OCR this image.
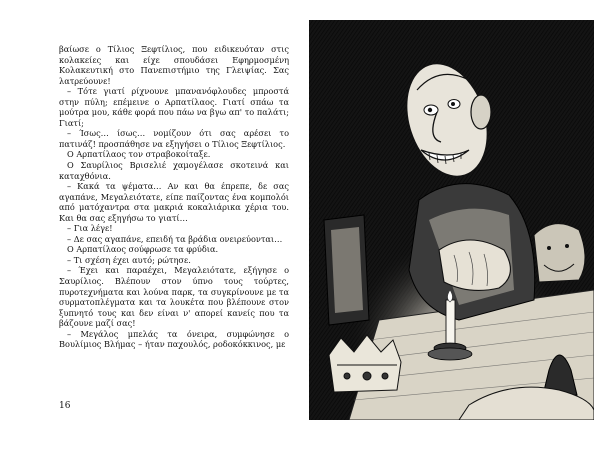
βαίωσε ο Τίλιος Ξεφτίλιος, που ειδικευόταν στις κολακείες και είχε σπουδάσει Εφηρμοσμένη Κολακευτική στο Πανεπιστήμιο της Γλειψίας. Σας λατρεύουνε!

– Τότε γιατί ρίχνουνε μπανανόφλουδες μπροστά στην πύλη; επέμεινε ο Αρπατίλαος. Γιατί σπάω τα μούτρα μου, κάθε φορά που πάω να βγω απ' το παλάτι; Γιατί;

– Ίσως… ίσως… νομίζουν ότι σας αρέσει το πατινάζ! προσπάθησε να εξηγήσει ο Τίλιος Ξεφτίλιος.

Ο Αρπατίλαος τον στραβοκοίταξε.

Ο Σαυρίλιος Βρισελιέ χαμογέλασε σκοτεινά και καταχθόνια.

– Κακά τα ψέματα… Αν και θα έπρεπε, δε σας αγαπάνε, Μεγαλειότατε, είπε παίζοντας ένα κομπολόι από ματόχαντρα στα μακριά κοκαλιάρικα χέρια του. Και θα σας εξηγήσω το γιατί…

– Για λέγε!

– Δε σας αγαπάνε, επειδή τα βράδια ονειρεύονται…

Ο Αρπατίλαος σούφρωσε τα φρύδια.

– Τι σχέση έχει αυτό; ρώτησε.

– Έχει και παραέχει, Μεγαλειότατε, εξήγησε ο Σαυρίλιος. Βλέπουν στον ύπνο τους τούρτες, πυροτεχνήματα και λούνα παρκ, τα συγκρίνουνε με τα συρματοπλέγματα και τα λουκέτα που βλέπουνε στον ξυπνητό τους και δεν είναι ν' απορεί κανείς που τα βάζουνε μαζί σας!

– Μεγάλος μπελάς τα όνειρα, συμφώνησε ο Βουλίμιος Βλήμας – ήταν παχουλός, ροδοκόκκινος, με

16
